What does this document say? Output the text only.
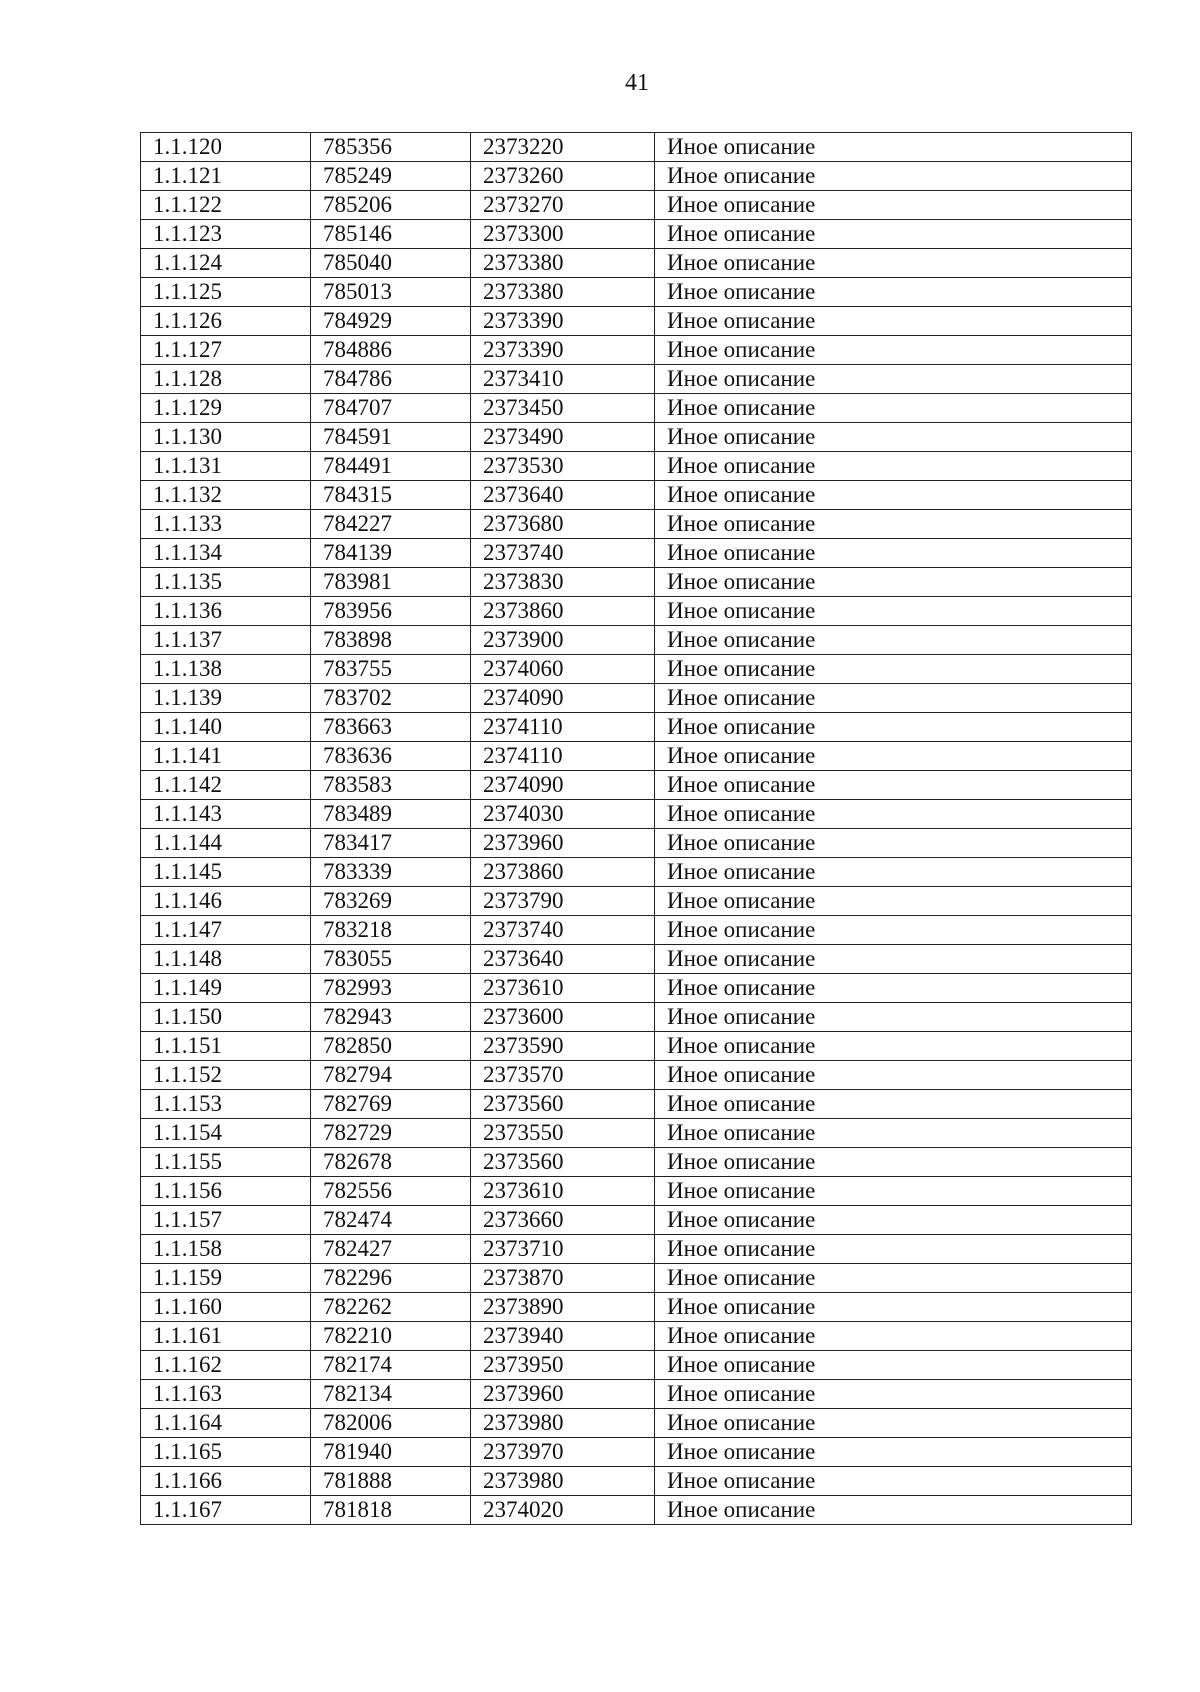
41
1.1.120	785356	2373220	Иное описание
1.1.121	785249	2373260	Иное описание
1.1.122	785206	2373270	Иное описание
1.1.123	785146	2373300	Иное описание
1.1.124	785040	2373380	Иное описание
1.1.125	785013	2373380	Иное описание
1.1.126	784929	2373390	Иное описание
1.1.127	784886	2373390	Иное описание
1.1.128	784786	2373410	Иное описание
1.1.129	784707	2373450	Иное описание
1.1.130	784591	2373490	Иное описание
1.1.131	784491	2373530	Иное описание
1.1.132	784315	2373640	Иное описание
1.1.133	784227	2373680	Иное описание
1.1.134	784139	2373740	Иное описание
1.1.135	783981	2373830	Иное описание
1.1.136	783956	2373860	Иное описание
1.1.137	783898	2373900	Иное описание
1.1.138	783755	2374060	Иное описание
1.1.139	783702	2374090	Иное описание
1.1.140	783663	2374110	Иное описание
1.1.141	783636	2374110	Иное описание
1.1.142	783583	2374090	Иное описание
1.1.143	783489	2374030	Иное описание
1.1.144	783417	2373960	Иное описание
1.1.145	783339	2373860	Иное описание
1.1.146	783269	2373790	Иное описание
1.1.147	783218	2373740	Иное описание
1.1.148	783055	2373640	Иное описание
1.1.149	782993	2373610	Иное описание
1.1.150	782943	2373600	Иное описание
1.1.151	782850	2373590	Иное описание
1.1.152	782794	2373570	Иное описание
1.1.153	782769	2373560	Иное описание
1.1.154	782729	2373550	Иное описание
1.1.155	782678	2373560	Иное описание
1.1.156	782556	2373610	Иное описание
1.1.157	782474	2373660	Иное описание
1.1.158	782427	2373710	Иное описание
1.1.159	782296	2373870	Иное описание
1.1.160	782262	2373890	Иное описание
1.1.161	782210	2373940	Иное описание
1.1.162	782174	2373950	Иное описание
1.1.163	782134	2373960	Иное описание
1.1.164	782006	2373980	Иное описание
1.1.165	781940	2373970	Иное описание
1.1.166	781888	2373980	Иное описание
1.1.167	781818	2374020	Иное описание
